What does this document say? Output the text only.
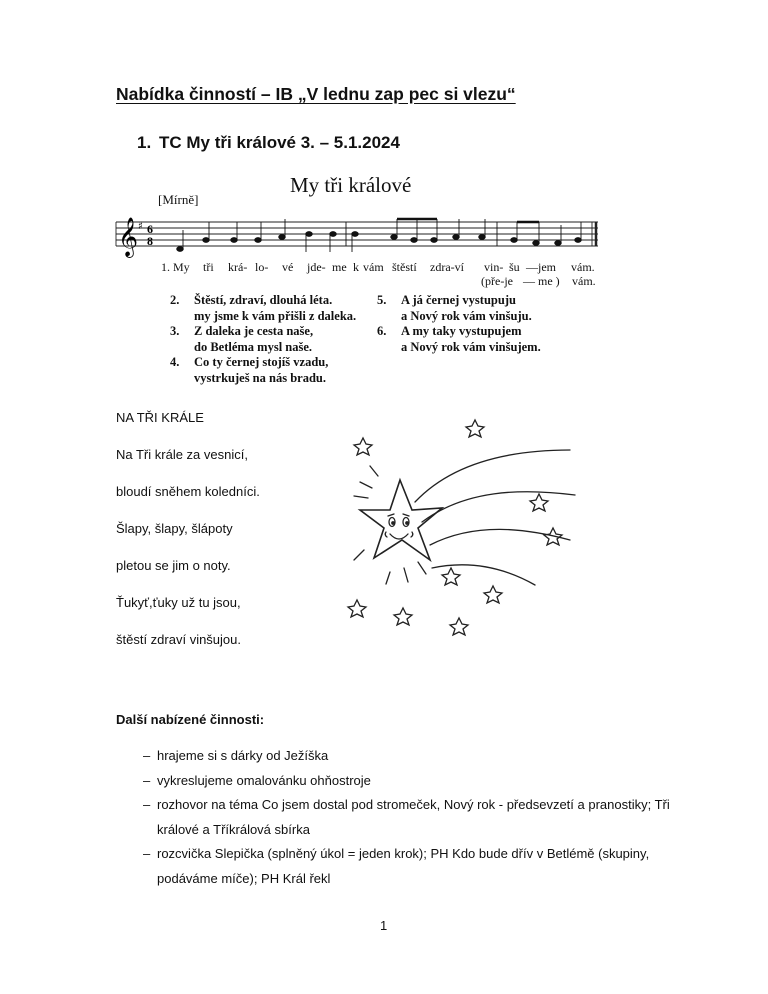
Nabídka činností – IB „V lednu zap pec si vlezu“
1. TC My tři králové 3. – 5.1.2024
My tři králové
[Mírně]
𝄞 ♯ 6
8
1. My tři krá- lo- vé jde- me k vám štěstí zdra-ví vin- šu —jem vám.
(pře-je — me ) vám.
2.	Štěstí, zdraví, dlouhá léta.
my jsme k vám přišli z daleka.
3.	Z daleka je cesta naše,
do Betléma mysl naše.
4.	Co ty černej stojíš vzadu,
vystrkuješ na nás bradu.
5.	A já černej vystupuju
a Nový rok vám vinšuju.
6.	A my taky vystupujem
a Nový rok vám vinšujem.
NA TŘI KRÁLE
Na Tři krále za vesnicí,
bloudí sněhem koledníci.
Šlapy, šlapy, šlápoty
pletou se jim o noty.
Ťukyť,ťuky už tu jsou,
štěstí zdraví vinšujou.
Další nabízené činnosti:
– hrajeme si s dárky od Ježíška
– vykreslujeme omalovánku ohňostroje
– rozhovor na téma Co jsem dostal pod stromeček, Nový rok - předsevzetí a pranostiky; Tři králové a Tříkrálová sbírka
– rozcvička Slepička (splněný úkol = jeden krok); PH Kdo bude dřív v Betlémě (skupiny, podáváme míče); PH Král řekl
1
